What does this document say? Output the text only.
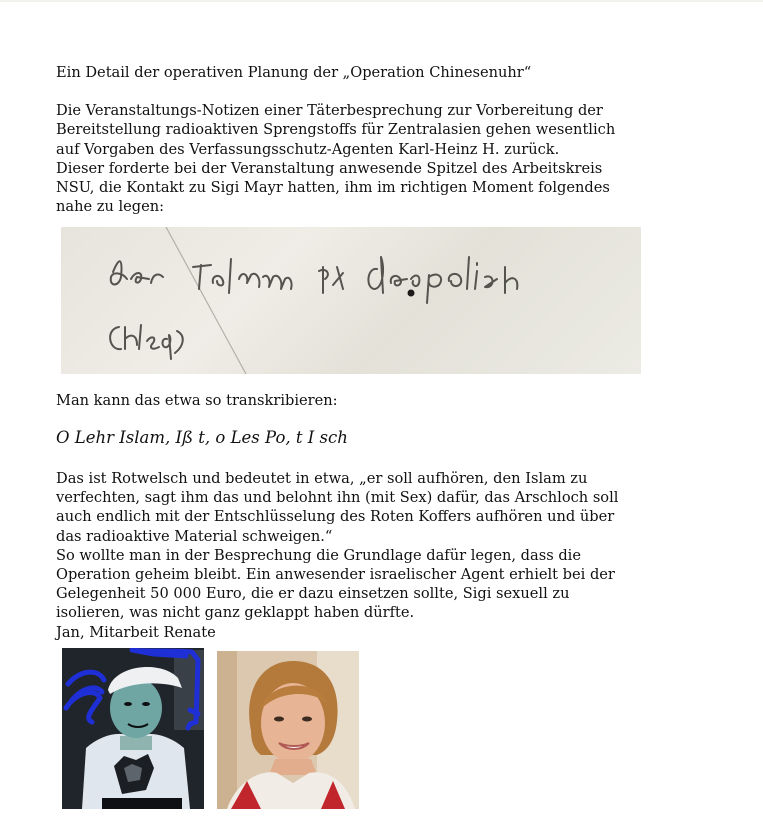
Ein Detail der operativen Planung der „Operation Chinesenuhr“

Die Veranstaltungs-Notizen einer Täterbesprechung zur Vorbereitung der
Bereitstellung radioaktiven Sprengstoffs für Zentralasien gehen wesentlich
auf Vorgaben des Verfassungsschutz-Agenten Karl-Heinz H. zurück.
Dieser forderte bei der Veranstaltung anwesende Spitzel des Arbeitskreis
NSU, die Kontakt zu Sigi Mayr hatten, ihm im richtigen Moment folgendes
nahe zu legen:

Man kann das etwa so transkribieren:
O Lehr Islam, Iß t, o Les Po, t I sch

Das ist Rotwelsch und bedeutet in etwa, „er soll aufhören, den Islam zu
verfechten, sagt ihm das und belohnt ihn (mit Sex) dafür, das Arschloch soll
auch endlich mit der Entschlüsselung des Roten Koffers aufhören und über
das radioaktive Material schweigen.“
So wollte man in der Besprechung die Grundlage dafür legen, dass die
Operation geheim bleibt. Ein anwesender israelischer Agent erhielt bei der
Gelegenheit 50 000 Euro, die er dazu einsetzen sollte, Sigi sexuell zu
isolieren, was nicht ganz geklappt haben dürfte.
Jan, Mitarbeit Renate
